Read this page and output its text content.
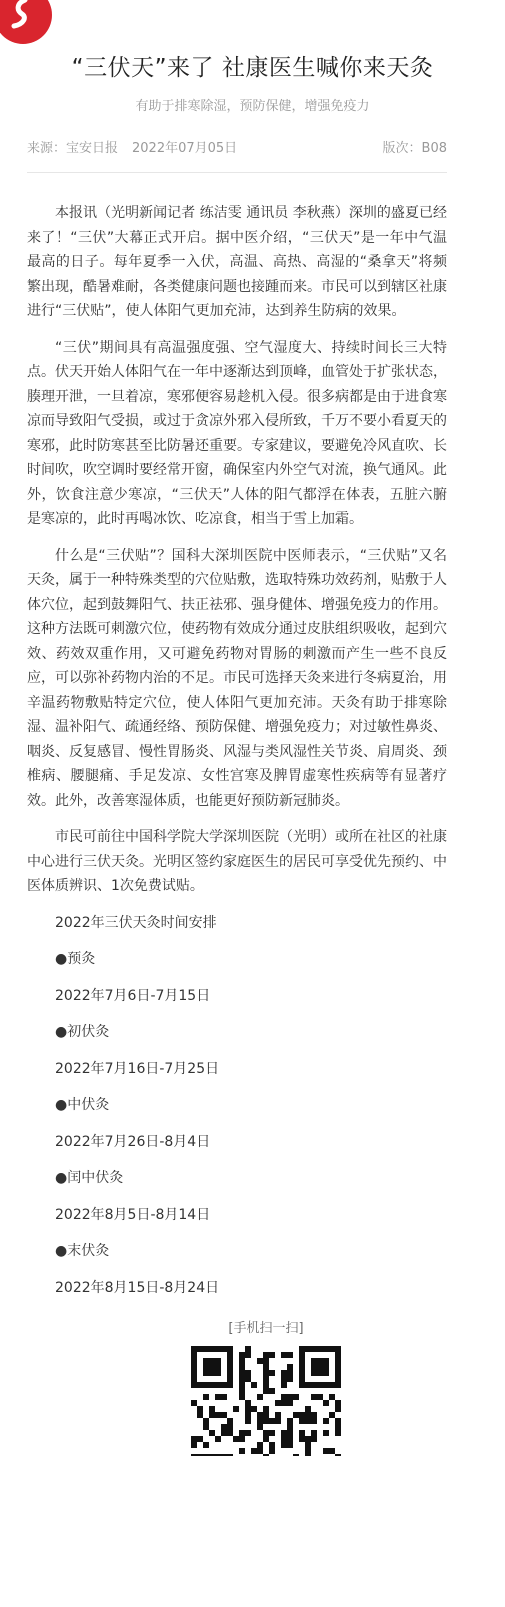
“三伏天”来了 社康医生喊你来天灸
有助于排寒除湿，预防保健，增强免疫力
来源：宝安日报 2022年07月05日	版次：B08

本报讯（光明新闻记者 练洁雯 通讯员 李秋燕）深圳的盛夏已经来了！“三伏”大幕正式开启。据中医介绍，“三伏天”是一年中气温最高的日子。每年夏季一入伏，高温、高热、高湿的“桑拿天”将频繁出现，酷暑难耐，各类健康问题也接踵而来。市民可以到辖区社康进行“三伏贴”，使人体阳气更加充沛，达到养生防病的效果。

“三伏”期间具有高温强度强、空气湿度大、持续时间长三大特点。伏天开始人体阳气在一年中逐渐达到顶峰，血管处于扩张状态，腠理开泄，一旦着凉，寒邪便容易趁机入侵。很多病都是由于进食寒凉而导致阳气受损，或过于贪凉外邪入侵所致，千万不要小看夏天的寒邪，此时防寒甚至比防暑还重要。专家建议，要避免冷风直吹、长时间吹，吹空调时要经常开窗，确保室内外空气对流，换气通风。此外，饮食注意少寒凉，“三伏天”人体的阳气都浮在体表，五脏六腑是寒凉的，此时再喝冰饮、吃凉食，相当于雪上加霜。

什么是“三伏贴”？国科大深圳医院中医师表示，“三伏贴”又名天灸，属于一种特殊类型的穴位贴敷，选取特殊功效药剂，贴敷于人体穴位，起到鼓舞阳气、扶正祛邪、强身健体、增强免疫力的作用。这种方法既可刺激穴位，使药物有效成分通过皮肤组织吸收，起到穴效、药效双重作用，又可避免药物对胃肠的刺激而产生一些不良反应，可以弥补药物内治的不足。市民可选择天灸来进行冬病夏治，用辛温药物敷贴特定穴位，使人体阳气更加充沛。天灸有助于排寒除湿、温补阳气、疏通经络、预防保健、增强免疫力；对过敏性鼻炎、咽炎、反复感冒、慢性胃肠炎、风湿与类风湿性关节炎、肩周炎、颈椎病、腰腿痛、手足发凉、女性宫寒及脾胃虚寒性疾病等有显著疗效。此外，改善寒湿体质，也能更好预防新冠肺炎。

市民可前往中国科学院大学深圳医院（光明）或所在社区的社康中心进行三伏天灸。光明区签约家庭医生的居民可享受优先预约、中医体质辨识、1次免费试贴。

2022年三伏天灸时间安排

●预灸

2022年7月6日-7月15日

●初伏灸

2022年7月16日-7月25日

●中伏灸

2022年7月26日-8月4日

●闰中伏灸

2022年8月5日-8月14日

●末伏灸

2022年8月15日-8月24日

[手机扫一扫]
